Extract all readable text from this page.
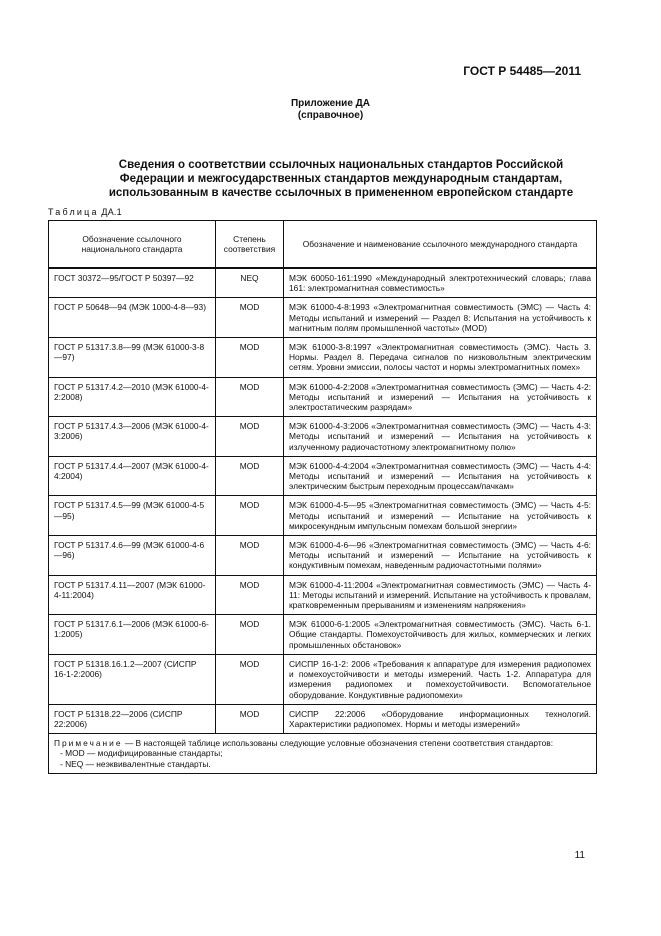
ГОСТ Р 54485—2011
Приложение ДА
(справочное)
Сведения о соответствии ссылочных национальных стандартов Российской Федерации и межгосударственных стандартов международным стандартам, использованным в качестве ссылочных в примененном европейском стандарте
Таблица ДА.1
Обозначение ссылочного национального стандарта	Степень соответствия	Обозначение и наименование ссылочного международного стандарта
ГОСТ 30372—95/ГОСТ Р 50397—92	NEQ	МЭК 60050-161:1990 «Международный электротехнический словарь; глава 161: электромагнитная совместимость»
ГОСТ Р 50648—94 (МЭК 1000-4-8—93)	MOD	МЭК 61000-4-8:1993 «Электромагнитная совместимость (ЭМС) — Часть 4: Методы испытаний и измерений — Раздел 8: Испытания на устойчивость к магнитным полям промышленной частоты» (MOD)
ГОСТ Р 51317.3.8—99 (МЭК 61000-3-8—97)	MOD	МЭК 61000-3-8:1997 «Электромагнитная совместимость (ЭМС). Часть 3. Нормы. Раздел 8. Передача сигналов по низковольтным электрическим сетям. Уровни эмиссии, полосы частот и нормы электромагнитных помех»
ГОСТ Р 51317.4.2—2010 (МЭК 61000-4-2:2008)	MOD	МЭК 61000-4-2:2008 «Электромагнитная совместимость (ЭМС) — Часть 4-2: Методы испытаний и измерений — Испытания на устойчивость к электростатическим разрядам»
ГОСТ Р 51317.4.3—2006 (МЭК 61000-4-3:2006)	MOD	МЭК 61000-4-3:2006 «Электромагнитная совместимость (ЭМС) — Часть 4-3: Методы испытаний и измерений — Испытания на устойчивость к излученному радиочастотному электромагнитному полю»
ГОСТ Р 51317.4.4—2007 (МЭК 61000-4-4:2004)	MOD	МЭК 61000-4-4:2004 «Электромагнитная совместимость (ЭМС) — Часть 4-4: Методы испытаний и измерений — Испытания на устойчивость к электрическим быстрым переходным процессам/пачкам»
ГОСТ Р 51317.4.5—99 (МЭК 61000-4-5—95)	MOD	МЭК 61000-4-5—95 «Электромагнитная совместимость (ЭМС) — Часть 4-5: Методы испытаний и измерений — Испытание на устойчивость к микросекундным импульсным помехам большой энергии»
ГОСТ Р 51317.4.6—99 (МЭК 61000-4-6—96)	MOD	МЭК 61000-4-6—96 «Электромагнитная совместимость (ЭМС) — Часть 4-6: Методы испытаний и измерений — Испытание на устойчивость к кондуктивным помехам, наведенным радиочастотными полями»
ГОСТ Р 51317.4.11—2007 (МЭК 61000-4-11:2004)	MOD	МЭК 61000-4-11:2004 «Электромагнитная совместимость (ЭМС) — Часть 4-11: Методы испытаний и измерений. Испытание на устойчивость к провалам, кратковременным прерываниям и изменениям напряжения»
ГОСТ Р 51317.6.1—2006 (МЭК 61000-6-1:2005)	MOD	МЭК 61000-6-1:2005 «Электромагнитная совместимость (ЭМС). Часть 6-1. Общие стандарты. Помехоустойчивость для жилых, коммерческих и легких промышленных обстановок»
ГОСТ Р 51318.16.1.2—2007 (СИСПР 16-1-2:2006)	MOD	СИСПР 16-1-2: 2006 «Требования к аппаратуре для измерения радиопомех и помехоустойчивости и методы измерений. Часть 1-2. Аппаратура для измерения радиопомех и помехоустойчивости. Вспомогательное оборудование. Кондуктивные радиопомехи»
ГОСТ Р 51318.22—2006 (СИСПР 22:2006)	MOD	СИСПР 22:2006 «Оборудование информационных технологий. Характеристики радиопомех. Нормы и методы измерений»

Примечание — В настоящей таблице использованы следующие условные обозначения степени соответствия стандартов:
- MOD — модифицированные стандарты;
- NEQ — неэквивалентные стандарты.		
11
